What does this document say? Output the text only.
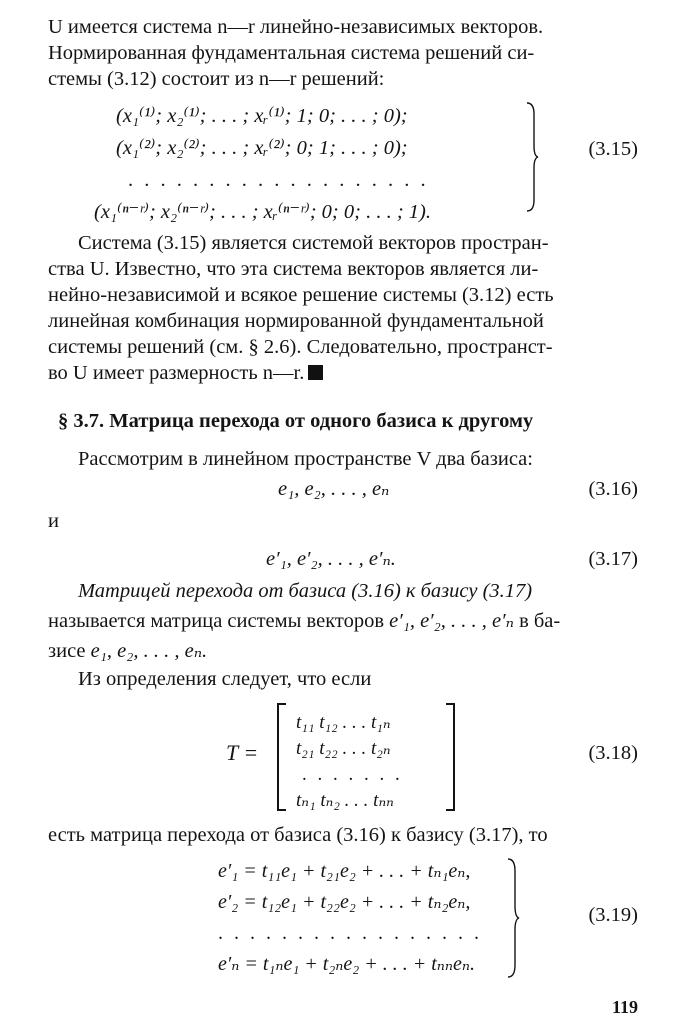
U имеется система n—r линейно-независимых векторов.

Нормированная фундаментальная система решений си-

стемы (3.12) состоит из n—r решений:

(x₁⁽¹⁾; x₂⁽¹⁾; . . . ; xᵣ⁽¹⁾; 1; 0; . . . ; 0);
(x₁⁽²⁾; x₂⁽²⁾; . . . ; xᵣ⁽²⁾; 0; 1; . . . ; 0);
. . . . . . . . . . . . . . . . . . .
(x₁⁽ⁿ⁻ʳ⁾; x₂⁽ⁿ⁻ʳ⁾; . . . ; xᵣ⁽ⁿ⁻ʳ⁾; 0; 0; . . . ; 1).
(3.15)

Система (3.15) является системой векторов простран-

ства U. Известно, что эта система векторов является ли-

нейно-независимой и всякое решение системы (3.12) есть

линейная комбинация нормированной фундаментальной

системы решений (см. § 2.6). Следовательно, пространст-

во U имеет размерность n—r.

§ 3.7. Матрица перехода от одного базиса к другому

Рассмотрим в линейном пространстве V два базиса:

e₁, e₂, . . . , eₙ	(3.16)

и

e′₁, e′₂, . . . , e′ₙ.	(3.17)

Матрицей перехода от базиса (3.16) к базису (3.17)

называется матрица системы векторов e′₁, e′₂, . . . , e′ₙ в ба-

зисе e₁, e₂, . . . , eₙ.

Из определения следует, что если

T =
t₁₁ t₁₂ . . . t₁ₙ
t₂₁ t₂₂ . . . t₂ₙ
. . . . . . .
tₙ₁ tₙ₂ . . . tₙₙ
(3.18)

есть матрица перехода от базиса (3.16) к базису (3.17), то

e′₁ = t₁₁e₁ + t₂₁e₂ + . . . + tₙ₁eₙ,
e′₂ = t₁₂e₁ + t₂₂e₂ + . . . + tₙ₂eₙ,
. . . . . . . . . . . . . . . . .
e′ₙ = t₁ₙe₁ + t₂ₙe₂ + . . . + tₙₙeₙ.
(3.19)
119
